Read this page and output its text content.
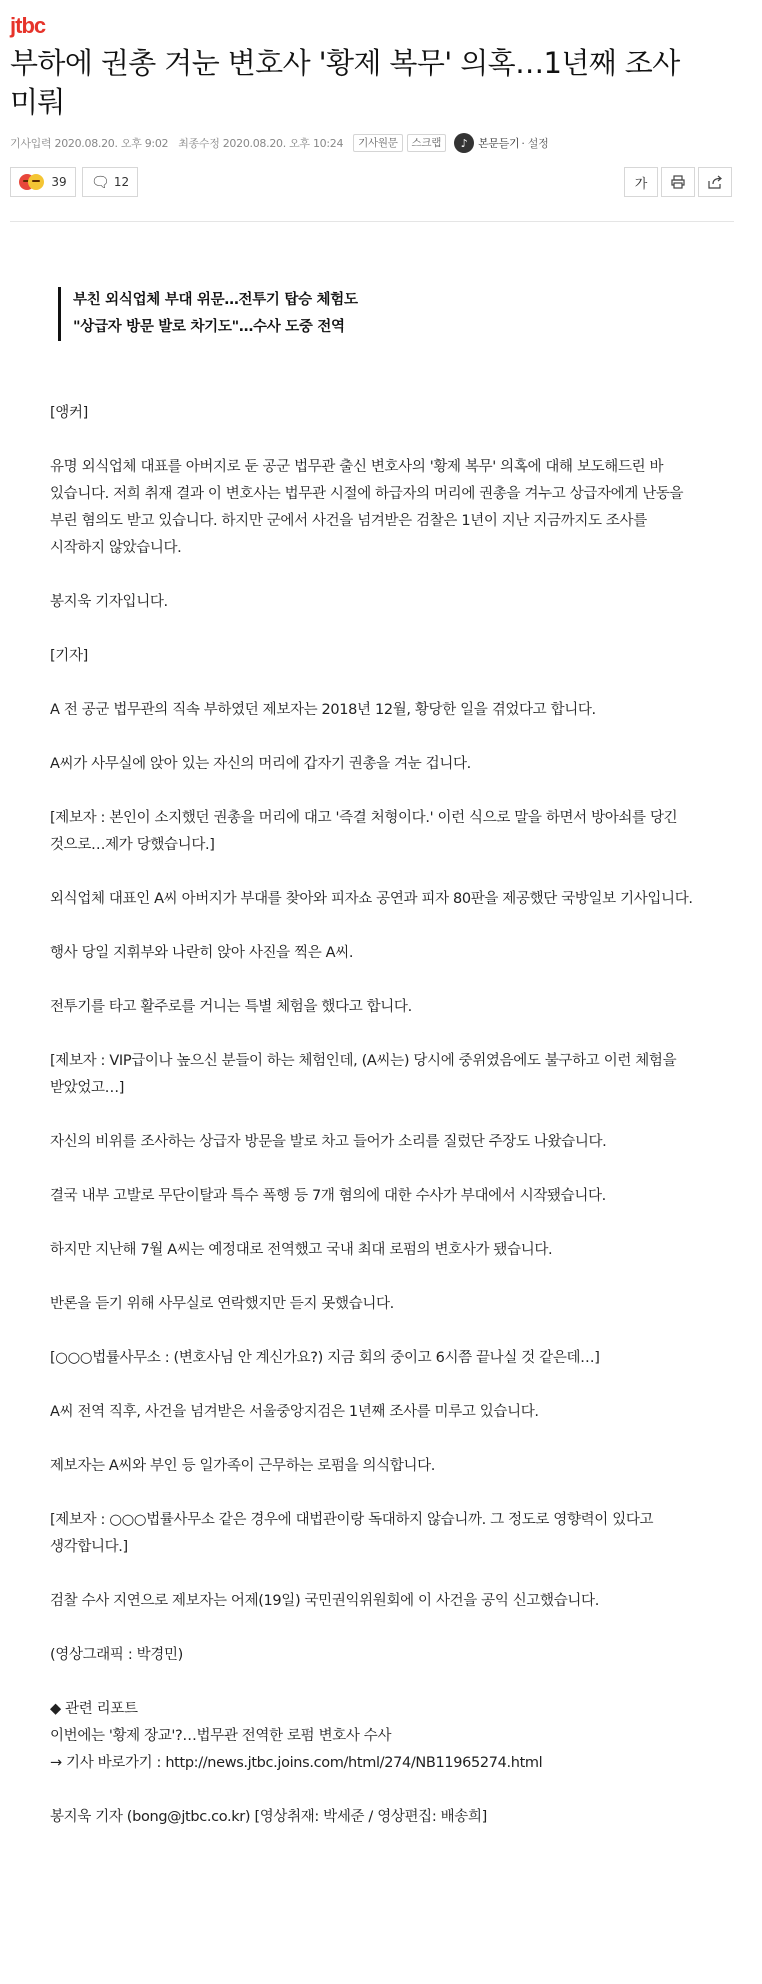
jtbc
부하에 권총 겨눈 변호사 '황제 복무' 의혹…1년째 조사 미뤄
기사입력 2020.08.20. 오후 9:02 최종수정 2020.08.20. 오후 10:24	기사원문	스크랩	♪ 본문듣기 · 설정
39 🗨︎ 12	가
부친 외식업체 부대 위문…전투기 탑승 체험도
"상급자 방문 발로 차기도"…수사 도중 전역

[앵커]

유명 외식업체 대표를 아버지로 둔 공군 법무관 출신 변호사의 '황제 복무' 의혹에 대해 보도해드린 바 있습니다. 저희 취재 결과 이 변호사는 법무관 시절에 하급자의 머리에 권총을 겨누고 상급자에게 난동을 부린 혐의도 받고 있습니다. 하지만 군에서 사건을 넘겨받은 검찰은 1년이 지난 지금까지도 조사를 시작하지 않았습니다.

봉지욱 기자입니다.

[기자]

A 전 공군 법무관의 직속 부하였던 제보자는 2018년 12월, 황당한 일을 겪었다고 합니다.

A씨가 사무실에 앉아 있는 자신의 머리에 갑자기 권총을 겨눈 겁니다.

[제보자 : 본인이 소지했던 권총을 머리에 대고 '즉결 처형이다.' 이런 식으로 말을 하면서 방아쇠를 당긴 것으로…제가 당했습니다.]

외식업체 대표인 A씨 아버지가 부대를 찾아와 피자쇼 공연과 피자 80판을 제공했단 국방일보 기사입니다.

행사 당일 지휘부와 나란히 앉아 사진을 찍은 A씨.

전투기를 타고 활주로를 거니는 특별 체험을 했다고 합니다.

[제보자 : VIP급이나 높으신 분들이 하는 체험인데, (A씨는) 당시에 중위였음에도 불구하고 이런 체험을 받았었고…]

자신의 비위를 조사하는 상급자 방문을 발로 차고 들어가 소리를 질렀단 주장도 나왔습니다.

결국 내부 고발로 무단이탈과 특수 폭행 등 7개 혐의에 대한 수사가 부대에서 시작됐습니다.

하지만 지난해 7월 A씨는 예정대로 전역했고 국내 최대 로펌의 변호사가 됐습니다.

반론을 듣기 위해 사무실로 연락했지만 듣지 못했습니다.

[○○○법률사무소 : (변호사님 안 계신가요?) 지금 회의 중이고 6시쯤 끝나실 것 같은데…]

A씨 전역 직후, 사건을 넘겨받은 서울중앙지검은 1년째 조사를 미루고 있습니다.

제보자는 A씨와 부인 등 일가족이 근무하는 로펌을 의식합니다.

[제보자 : ○○○법률사무소 같은 경우에 대법관이랑 독대하지 않습니까. 그 정도로 영향력이 있다고 생각합니다.]

검찰 수사 지연으로 제보자는 어제(19일) 국민권익위원회에 이 사건을 공익 신고했습니다.

(영상그래픽 : 박경민)

◆ 관련 리포트

이번에는 '황제 장교'?…법무관 전역한 로펌 변호사 수사

→ 기사 바로가기 : http://news.jtbc.joins.com/html/274/NB11965274.html

봉지욱 기자 (bong@jtbc.co.kr) [영상취재: 박세준 / 영상편집: 배송희]
